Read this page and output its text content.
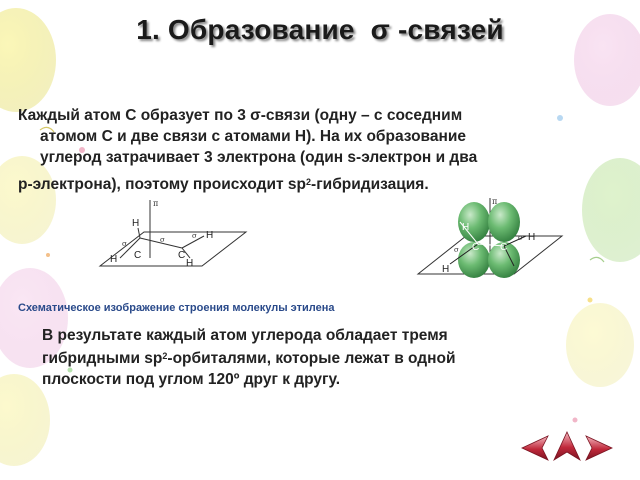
1. Образование σ -связей
Каждый атом С образует по 3 σ-связи (одну – с соседним
атомом С и две связи с атомами Н). На их образование
углерод затрачивает 3 электрона (один s-электрон и два
p-электрона), поэтому происходит $sp^2$-гибридизация.
π
H
H
H	H
C	C
σ	σ	σ
π
H
H
H
C C
σ
σ
Схематическое изображение строения молекулы этилена
В результате каждый атом углерода обладает тремя
гибридными $sp^2$-орбиталями, которые лежат в одной
плоскости под углом 120º друг к другу.
